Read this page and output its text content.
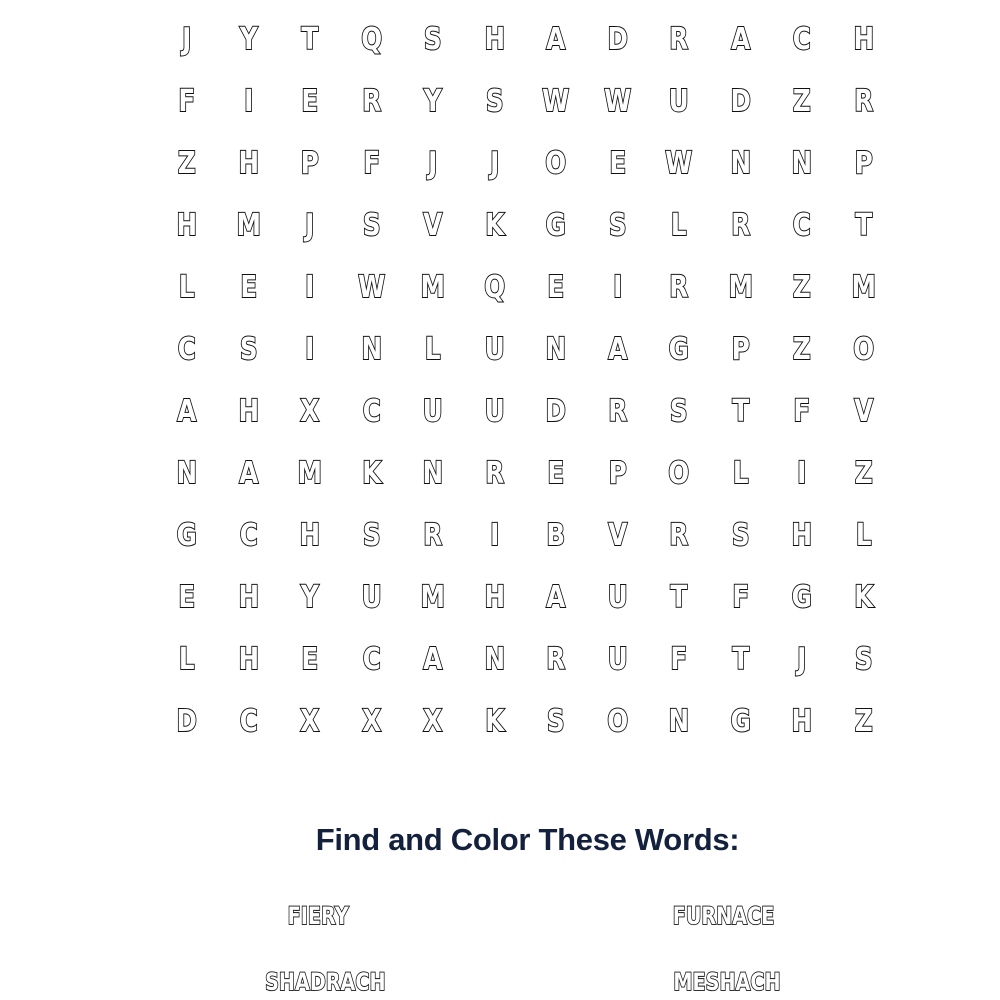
J	Y	T	Q	S	H	A	D	R	A	C	H
F	I	E	R	Y	S	W	W	U	D	Z	R
Z	H	P	F	J	J	O	E	W	N	N	P
H	M	J	S	V	K	G	S	L	R	C	T
L	E	I	W	M	Q	E	I	R	M	Z	M
C	S	I	N	L	U	N	A	G	P	Z	O
A	H	X	C	U	U	D	R	S	T	F	V
N	A	M	K	N	R	E	P	O	L	I	Z
G	C	H	S	R	I	B	V	R	S	H	L
E	H	Y	U	M	H	A	U	T	F	G	K
L	H	E	C	A	N	R	U	F	T	J	S
D	C	X	X	X	K	S	O	N	G	H	Z
Find and Color These Words:
FIERY	FURNACE
SHADRACH	MESHACH
